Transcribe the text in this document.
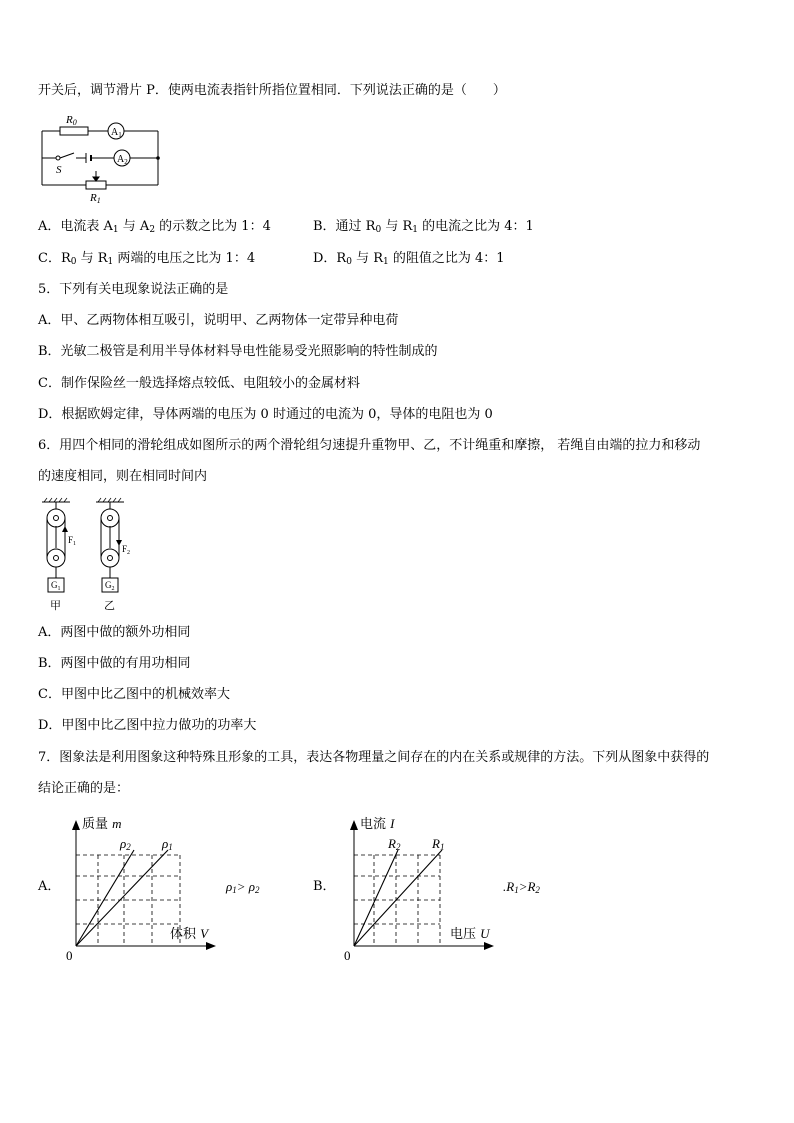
开关后，调节滑片 P．使两电流表指针所指位置相同．下列说法正确的是（　　）
R0
$A_1$
$A_2$
S
R1
A．电流表 $A_1$ 与 $A_2$ 的示数之比为 1：4	B．通过 $R_0$ 与 $R_1$ 的电流之比为 4：1
C．$R_0$ 与 $R_1$ 两端的电压之比为 1：4	D．$R_0$ 与 $R_1$ 的阻值之比为 4：1
5．下列有关电现象说法正确的是
A．甲、乙两物体相互吸引，说明甲、乙两物体一定带异种电荷
B．光敏二极管是利用半导体材料导电性能易受光照影响的特性制成的
C．制作保险丝一般选择熔点较低、电阻较小的金属材料
D．根据欧姆定律，导体两端的电压为 0 时通过的电流为 0，导体的电阻也为 0
6．用四个相同的滑轮组成如图所示的两个滑轮组匀速提升重物甲、乙，不计绳重和摩擦， 若绳自由端的拉力和移动
的速度相同，则在相同时间内
$F_1$	$F_2$
$G_1$	$G_2$
甲	乙
A．两图中做的额外功相同
B．两图中做的有用功相同
C．甲图中比乙图中的机械效率大
D．甲图中比乙图中拉力做功的功率大
7．图象法是利用图象这种特殊且形象的工具，表达各物理量之间存在的内在关系或规律的方法。下列从图象中获得的
结论正确的是：
A．
质量 m
体积 V
0
ρ2 ρ1
$\rho_1> \rho_2$	B．
电流 I
电压 U
0
R2 R1
$.R_1>R_2$
